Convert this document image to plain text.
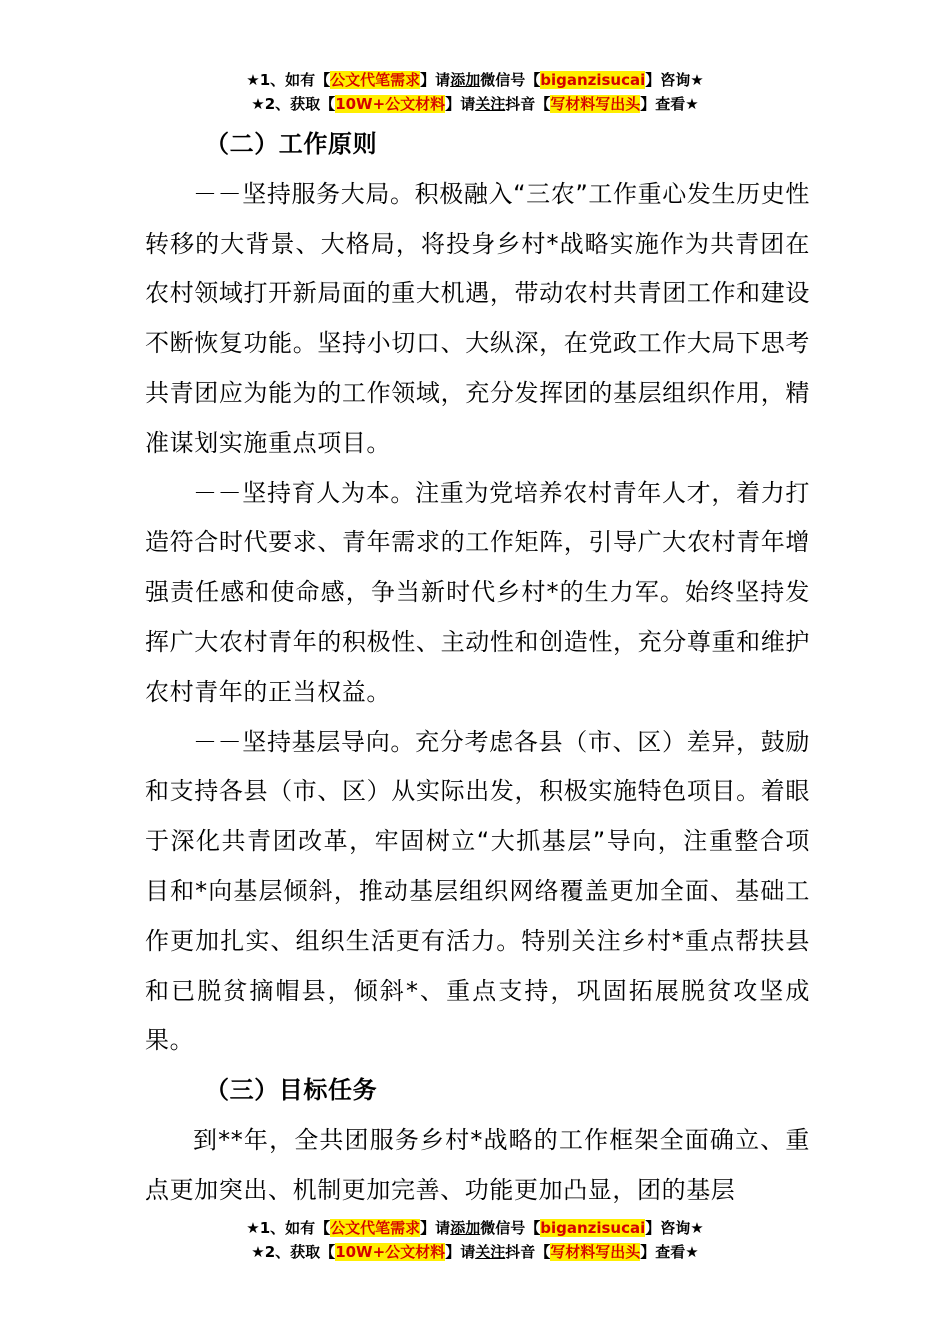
★1、如有【公文代笔需求】请添加微信号【biganzisucai】咨询★
★2、获取【10W+公文材料】请关注抖音【写材料写出头】查看★

（二）工作原则

－－坚持服务大局。积极融入“三农”工作重心发生历史性转移的大背景、大格局，将投身乡村*战略实施作为共青团在农村领域打开新局面的重大机遇，带动农村共青团工作和建设不断恢复功能。坚持小切口、大纵深，在党政工作大局下思考共青团应为能为的工作领域，充分发挥团的基层组织作用，精准谋划实施重点项目。

－－坚持育人为本。注重为党培养农村青年人才，着力打造符合时代要求、青年需求的工作矩阵，引导广大农村青年增强责任感和使命感，争当新时代乡村*的生力军。始终坚持发挥广大农村青年的积极性、主动性和创造性，充分尊重和维护农村青年的正当权益。

－－坚持基层导向。充分考虑各县（市、区）差异，鼓励和支持各县（市、区）从实际出发，积极实施特色项目。着眼于深化共青团改革，牢固树立“大抓基层”导向，注重整合项目和*向基层倾斜，推动基层组织网络覆盖更加全面、基础工作更加扎实、组织生活更有活力。特别关注乡村*重点帮扶县和已脱贫摘帽县，倾斜*、重点支持，巩固拓展脱贫攻坚成果。

（三）目标任务

到**年，全共团服务乡村*战略的工作框架全面确立、重点更加突出、机制更加完善、功能更加凸显，团的基层

★1、如有【公文代笔需求】请添加微信号【biganzisucai】咨询★
★2、获取【10W+公文材料】请关注抖音【写材料写出头】查看★
